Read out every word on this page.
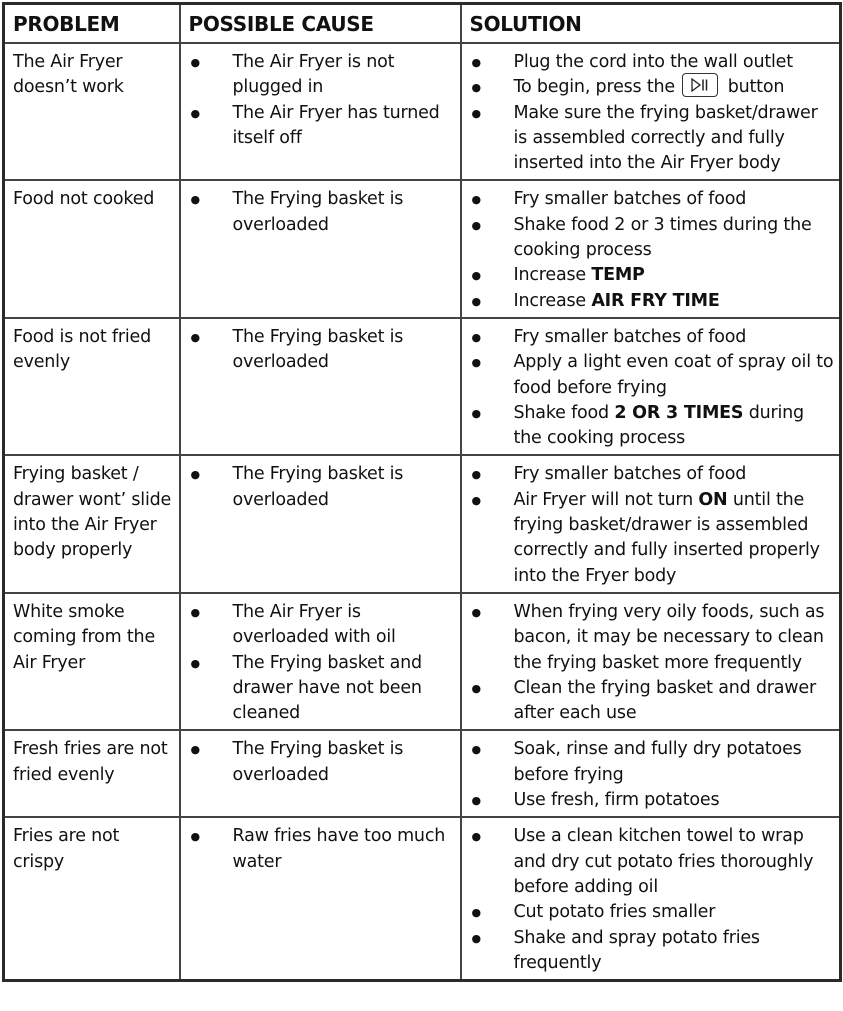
PROBLEM	POSSIBLE CAUSE	SOLUTION
The Air Fryer doesn’t work	
● The Air Fryer is not plugged in
● The Air Fryer has turned itself off

● Plug the cord into the wall outlet
● To begin, press the
button
● Make sure the frying basket/drawer is assembled correctly and fully inserted into the Air Fryer body

Food not cooked	
●The Frying basket is overloaded

● Fry smaller batches of food
● Shake food 2 or 3 times during the cooking process
● Increase TEMP
● Increase AIR FRY TIME

Food is not fried evenly	
● The Frying basket is overloaded

● Fry smaller batches of food
● Apply a light even coat of spray oil to food before frying
● Shake food 2 OR 3 TIMES during the cooking process

Frying basket / drawer wont’ slide into the Air Fryer body properly	
● The Frying basket is overloaded

● Fry smaller batches of food
● Air Fryer will not turn ON until the frying basket/drawer is assembled correctly and fully inserted properly into the Fryer body

White smoke coming from the Air Fryer	
● The Air Fryer is overloaded with oil
● The Frying basket and drawer have not been cleaned

● When frying very oily foods, such as bacon, it may be necessary to clean the frying basket more frequently
● Clean the frying basket and drawer after each use

Fresh fries are not fried evenly	
● The Frying basket is overloaded

● Soak, rinse and fully dry potatoes before frying
● Use fresh, firm potatoes

Fries are not crispy	
● Raw fries have too much water

● Use a clean kitchen towel to wrap and dry cut potato fries thoroughly before adding oil
● Cut potato fries smaller
● Shake and spray potato fries frequently
